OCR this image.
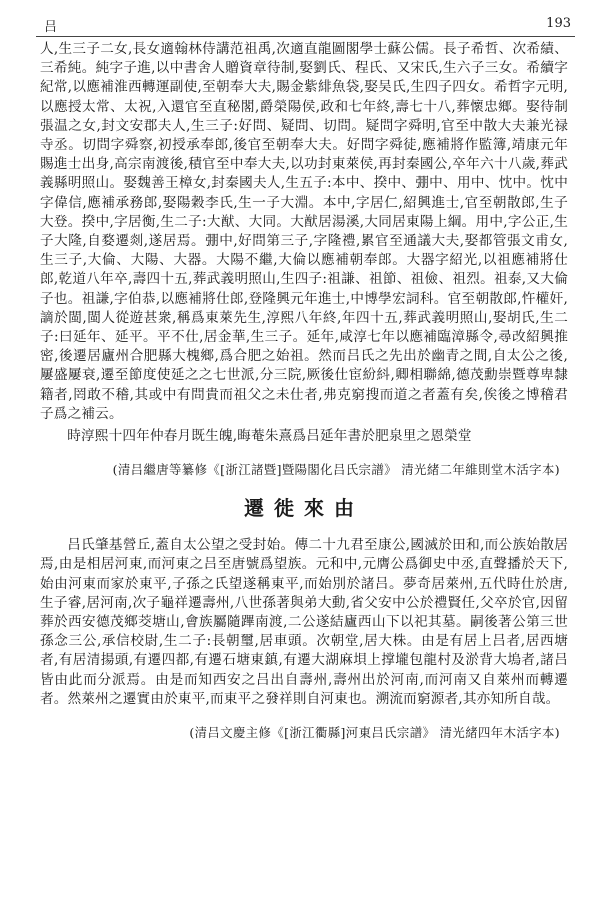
吕	193

人,生三子二女,長女適翰林侍講范祖禹,次適直龍圖閣學士蘇公儒。長子希哲、次希績、三希純。純字子進,以中書舍人贈資章待制,娶劉氏、程氏、又宋氏,生六子三女。希續字紀常,以應補淮西轉運副使,至朝奉大夫,賜金紫緋魚袋,娶吴氏,生四子四女。希哲字元明,以應授太常、太祝,入還官至直秘閣,爵榮陽侯,政和七年終,壽七十八,葬懷忠鄉。娶待制張温之女,封文安郡夫人,生三子:好問、疑問、切問。疑問字舜明,官至中散大夫兼光禄寺丞。切問字舜察,初授承奉郎,後官至朝奉大夫。好問字舜徒,應補將作監簿,靖康元年賜進士出身,高宗南渡後,積官至中奉大夫,以功封東萊侯,再封秦國公,卒年六十八歲,葬武義縣明照山。娶魏善王樟女,封秦國夫人,生五子:本中、揆中、弸中、用中、忱中。忱中字偉信,應補承務郎,娶陽穀李氏,生一子大淵。本中,字居仁,紹興進士,官至朝散郎,生子大登。揆中,字居衡,生二子:大猷、大同。大猷居湯溪,大同居東陽上綱。用中,字公正,生子大隆,自婺遷剡,遂居焉。弸中,好問第三子,字隆禮,累官至通議大夫,娶都管張文甫女,生三子,大倫、大陽、大器。大陽不繼,大倫以應補朝奉郎。大器字紹光,以祖應補將仕郎,乾道八年卒,壽四十五,葬武義明照山,生四子:祖謙、祖節、祖儉、祖烈。祖泰,又大倫子也。祖謙,字伯恭,以應補將仕郎,登隆興元年進士,中博學宏詞科。官至朝散郎,忤權奸,謫於閩,閩人從遊甚衆,稱爲東萊先生,淳熙八年終,年四十五,葬武義明照山,娶胡氏,生二子:曰延年、延平。平不仕,居金華,生三子。延年,咸淳七年以應補臨漳縣令,尋改紹興推密,後遷居廬州合肥縣大槐鄉,爲合肥之始祖。然而吕氏之先出於幽青之間,自太公之後,屢盛屢衰,遷至節度使延之之七世派,分三院,厥後仕宦紛紏,卿相聯綿,德茂勳崇暨尊卑隸籍者,罔敢不稽,其或中有問貴而祖父之未仕者,弗克窮搜而道之者蓋有矣,俟後之博稽君子爲之補云。

時淳熙十四年仲春月既生魄,晦菴朱熹爲吕延年書於肥泉里之恩榮堂

(清吕繼唐等纂修《[浙江諸暨]暨陽閣化吕氏宗譜》 清光緒二年維則堂木活字本)

遷徙來由

吕氏肇基營丘,蓋自太公望之受封始。傳二十九君至康公,國滅於田和,而公族始散居焉,由是相居河東,而河東之吕至唐號爲望族。元和中,元膺公爲御史中丞,直聲播於天下,始由河東而家於東平,子孫之氏望遂稱東平,而始別於諸吕。夢奇居萊州,五代時仕於唐,生子睿,居河南,次子龜祥遷壽州,八世孫著與弟大動,省父安中公於禮賢任,父卒於官,因留葬於西安德茂鄉茭塘山,會族屬隨蹕南渡,二公遂結廬西山下以祀其墓。嗣後著公第三世孫念三公,承信校尉,生二子:長朝璽,居車頭。次朝堂,居大株。由是有居上吕者,居西塘者,有居清揚頭,有遷四都,有遷石塘東鎮,有遷大湖麻垻上撑壠包龍村及淤背大塢者,諸吕皆由此而分派焉。由是而知西安之吕出自壽州,壽州出於河南,而河南又自萊州而轉遷者。然萊州之遷實由於東平,而東平之發祥則自河東也。溯流而窮源者,其亦知所自哉。

(清吕文慶主修《[浙江衢縣]河東吕氏宗譜》 清光緒四年木活字本)
